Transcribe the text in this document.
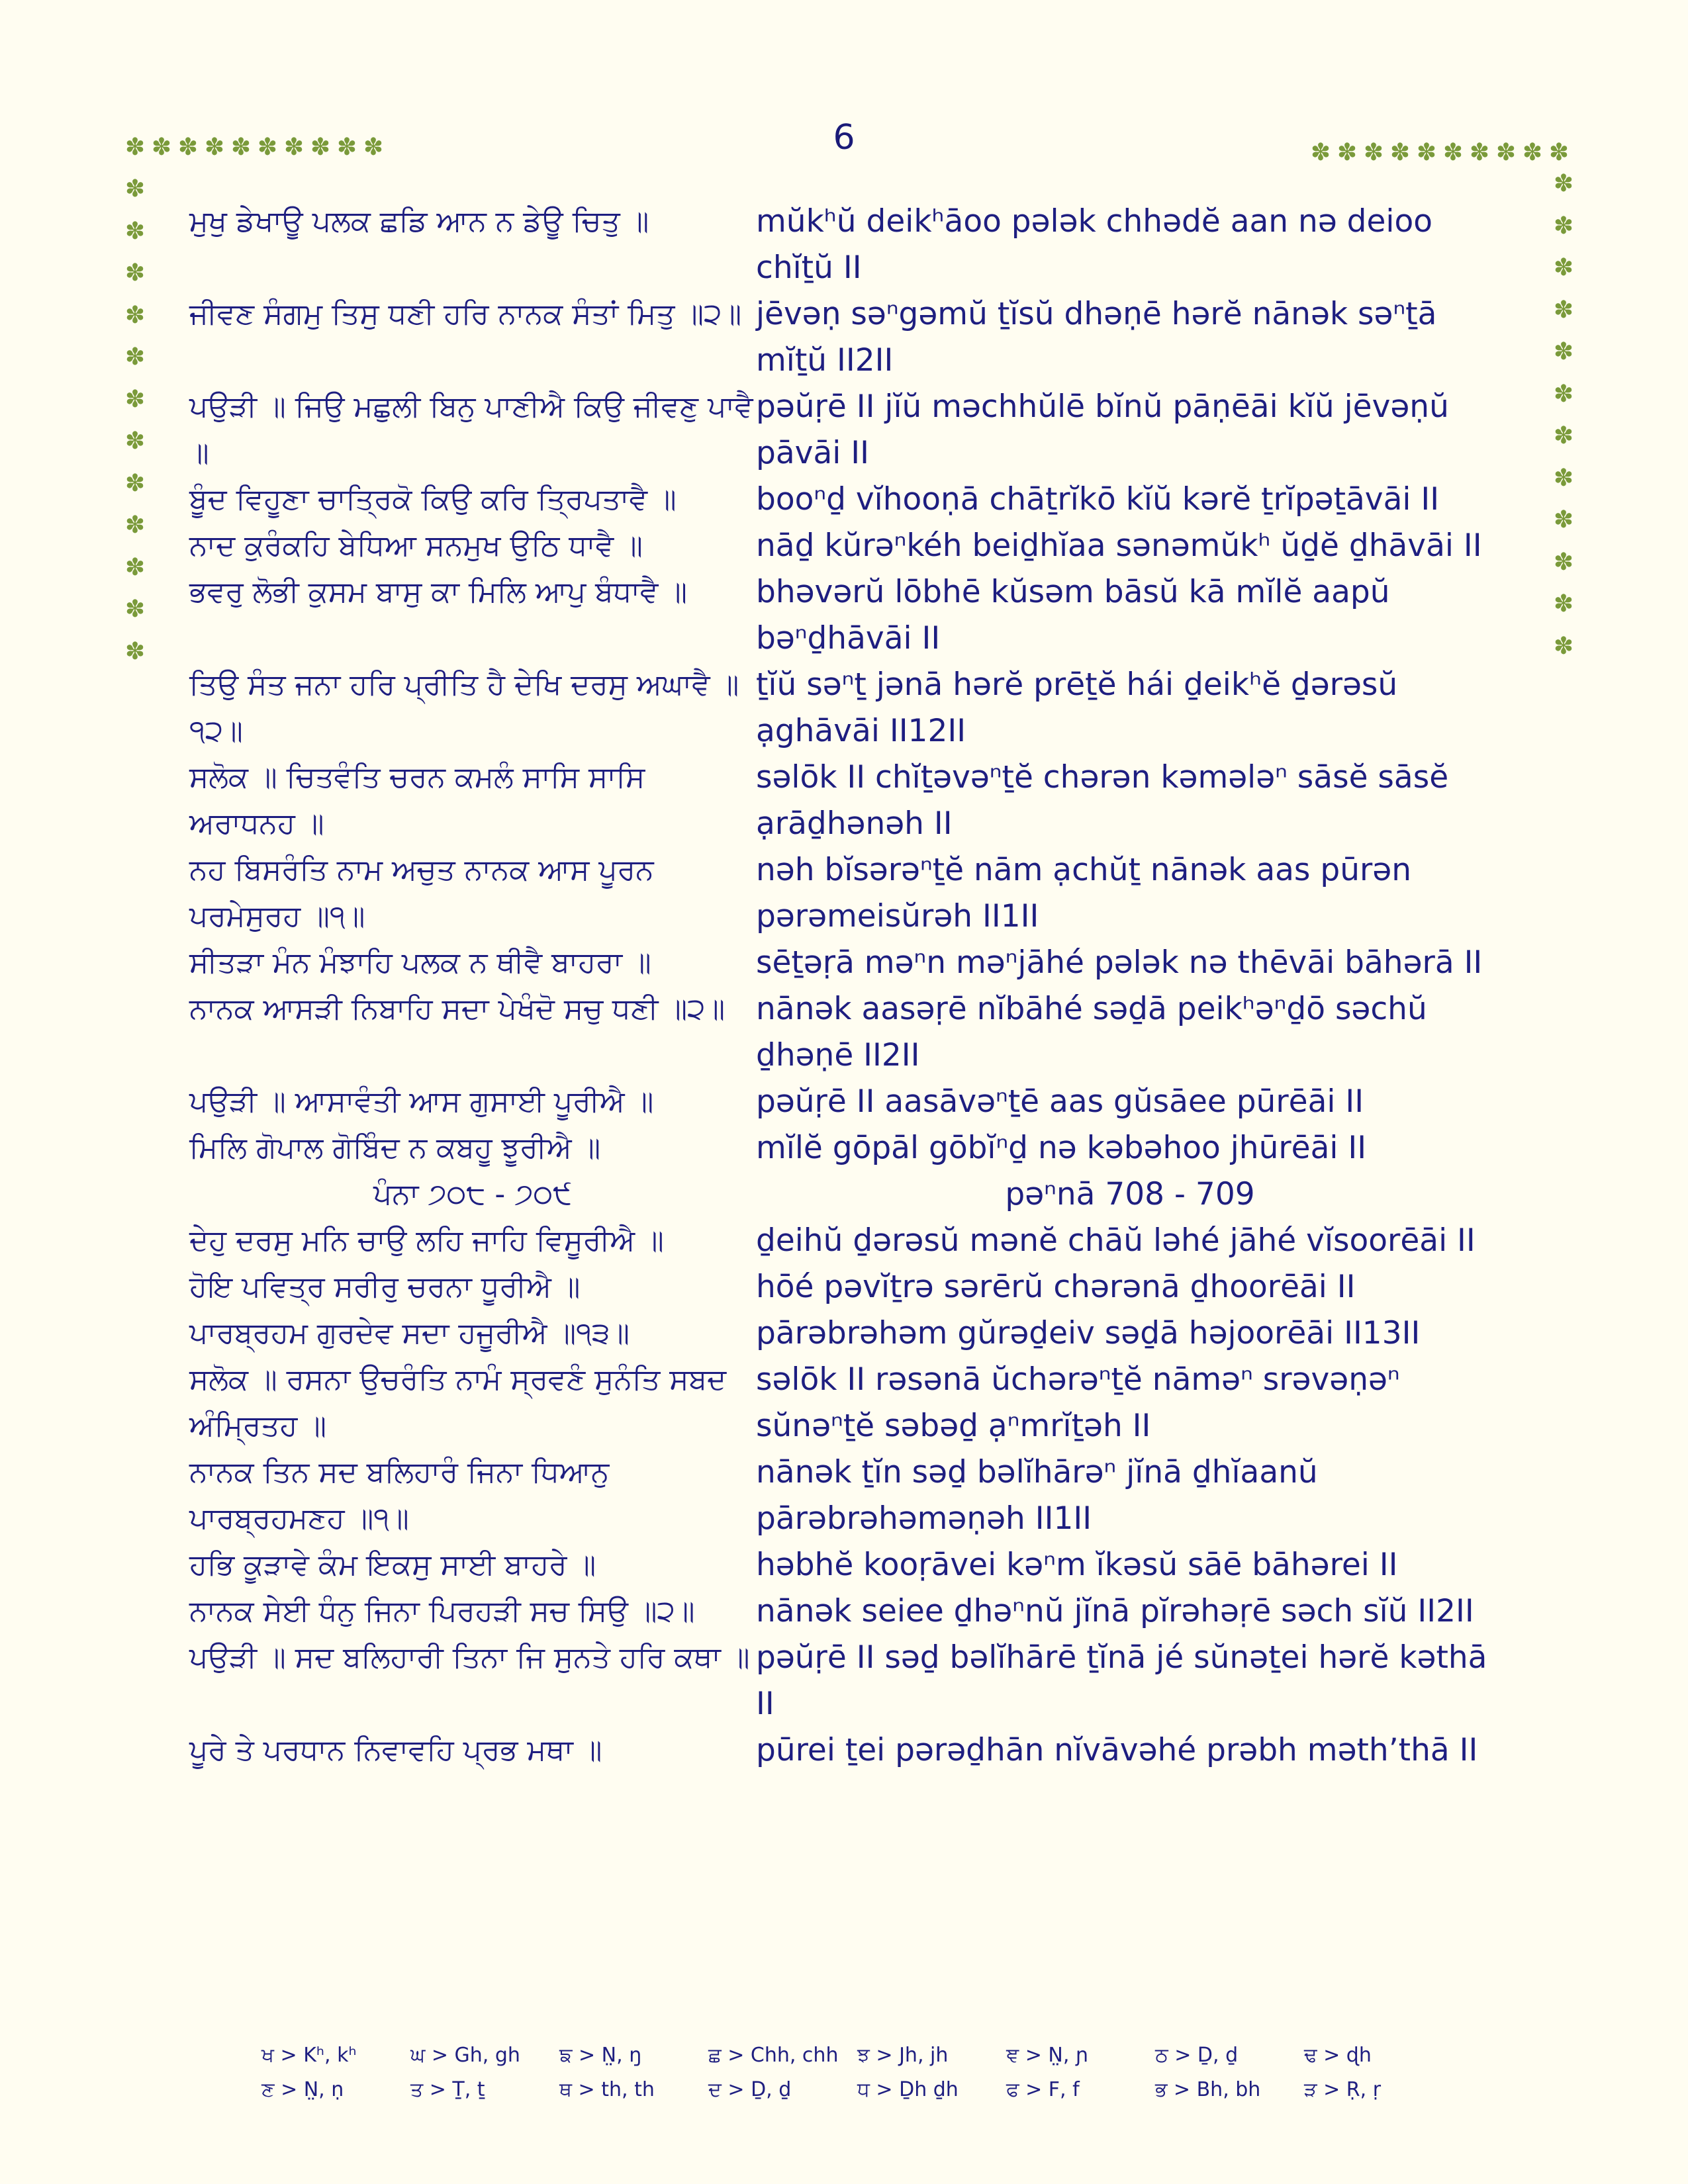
6
✽ ✽ ✽ ✽ ✽ ✽ ✽ ✽ ✽ ✽	✽ ✽ ✽ ✽ ✽ ✽ ✽ ✽ ✽ ✽
✽
✽
✽
✽
✽
✽
✽
✽
✽
✽
✽
✽
✽
✽
✽
✽
✽
✽
✽
✽
✽
✽
✽
✽
ਮੁਖੁ ਡੇਖਾਊ ਪਲਕ ਛਡਿ ਆਨ ਨ ਡੇਊ ਚਿਤੁ ॥	mŭkʰŭ deikʰāoo pələk chhədĕ aan nə deioo chĭṯŭ II
ਜੀਵਣ ਸੰਗਮੁ ਤਿਸੁ ਧਣੀ ਹਰਿ ਨਾਨਕ ਸੰਤਾਂ ਮਿਤੁ ॥੨॥ jēvəṇ səⁿgəmŭ ṯĭsŭ dhəṇē hərĕ nānək səⁿṯā mĭṯŭ II2II
ਪਉੜੀ ॥ ਜਿਉ ਮਛੁਲੀ ਬਿਨੁ ਪਾਣੀਐ ਕਿਉ ਜੀਵਣੁ ਪਾਵੈ ॥
pəŭṛē II jĭŭ məchhŭlē bĭnŭ pāṇēāi kĭŭ jēvəṇŭ pāvāi II
ਬੂੰਦ ਵਿਹੂਣਾ ਚਾਤ੍ਰਿਕੋ ਕਿਉ ਕਰਿ ਤ੍ਰਿਪਤਾਵੈ ॥	booⁿḏ vĭhooṇā chāṯrĭkō kĭŭ kərĕ ṯrĭpəṯāvāi II
ਨਾਦ ਕੁਰੰਕਹਿ ਬੇਧਿਆ ਸਨਮੁਖ ਉਠਿ ਧਾਵੈ ॥	nāḏ kŭrəⁿkéh beiḏhĭaa sənəmŭkʰ ŭḏĕ ḏhāvāi II
ਭਵਰੁ ਲੋਭੀ ਕੁਸਮ ਬਾਸੁ ਕਾ ਮਿਲਿ ਆਪੁ ਬੰਧਾਵੈ ॥	bhəvərŭ lōbhē kŭsəm bāsŭ kā mĭlĕ aapŭ bəⁿḏhāvāi II
ਤਿਉ ਸੰਤ ਜਨਾ ਹਰਿ ਪ੍ਰੀਤਿ ਹੈ ਦੇਖਿ ਦਰਸੁ ਅਘਾਵੈ ॥੧੨॥
ṯĭŭ səⁿṯ jənā hərĕ prēṯĕ hái ḏeikʰĕ ḏərəsŭ ạghāvāi II12II
ਸਲੋਕ ॥ ਚਿਤਵੰਤਿ ਚਰਨ ਕਮਲੰ ਸਾਸਿ ਸਾਸਿ ਅਰਾਧਨਹ ॥
səlōk II chĭṯəvəⁿṯĕ chərən kəmələⁿ sāsĕ sāsĕ ạrāḏhənəh II
ਨਹ ਬਿਸਰੰਤਿ ਨਾਮ ਅਚੁਤ ਨਾਨਕ ਆਸ ਪੂਰਨ ਪਰਮੇਸੁਰਹ ॥੧॥
nəh bĭsərəⁿṯĕ nām ạchŭṯ nānək aas pūrən pərəmeisŭrəh II1II
ਸੀਤੜਾ ਮੰਨ ਮੰਝਾਹਿ ਪਲਕ ਨ ਥੀਵੈ ਬਾਹਰਾ ॥	sēṯəṛā məⁿn məⁿjāhé pələk nə thēvāi bāhərā II
ਨਾਨਕ ਆਸੜੀ ਨਿਬਾਹਿ ਸਦਾ ਪੇਖੰਦੋ ਸਚੁ ਧਣੀ ॥੨॥ nānək aasəṛē nĭbāhé səḏā peikʰəⁿḏō səchŭ ḏhəṇē II2II
ਪਉੜੀ ॥ ਆਸਾਵੰਤੀ ਆਸ ਗੁਸਾਈ ਪੂਰੀਐ ॥	pəŭṛē II aasāvəⁿṯē aas gŭsāee pūrēāi II
ਮਿਲਿ ਗੋਪਾਲ ਗੋਬਿੰਦ ਨ ਕਬਹੂ ਝੂਰੀਐ ॥	mĭlĕ gōpāl gōbĭⁿḏ nə kəbəhoo jhūrēāi II
ਪੰਨਾ ੭੦੮ - ੭੦੯	pəⁿnā 708 - 709
ਦੇਹੁ ਦਰਸੁ ਮਨਿ ਚਾਉ ਲਹਿ ਜਾਹਿ ਵਿਸੂਰੀਐ ॥	ḏeihŭ ḏərəsŭ mənĕ chāŭ ləhé jāhé vĭsoorēāi II
ਹੋਇ ਪਵਿਤ੍ਰ ਸਰੀਰੁ ਚਰਨਾ ਧੂਰੀਐ ॥	hōé pəvĭṯrə sərērŭ chərənā ḏhoorēāi II
ਪਾਰਬ੍ਰਹਮ ਗੁਰਦੇਵ ਸਦਾ ਹਜੂਰੀਐ ॥੧੩॥	pārəbrəhəm gŭrəḏeiv səḏā həjoorēāi II13II
ਸਲੋਕ ॥ ਰਸਨਾ ਉਚਰੰਤਿ ਨਾਮੰ ਸ੍ਰਵਣੰ ਸੁਨੰਤਿ ਸਬਦ ਅੰਮ੍ਰਿਤਹ ॥
səlōk II rəsənā ŭchərəⁿṯĕ nāməⁿ srəvəṇəⁿ sŭnəⁿṯĕ səbəḏ ạⁿmrĭṯəh II
ਨਾਨਕ ਤਿਨ ਸਦ ਬਲਿਹਾਰੰ ਜਿਨਾ ਧਿਆਨੁ ਪਾਰਬ੍ਰਹਮਣਹ ॥੧॥
nānək ṯĭn səḏ bəlĭhārəⁿ jĭnā ḏhĭaanŭ pārəbrəhəməṇəh II1II
ਹਭਿ ਕੂੜਾਵੇ ਕੰਮ ਇਕਸੁ ਸਾਈ ਬਾਹਰੇ ॥	həbhĕ kooṛāvei kəⁿm ĭkəsŭ sāē bāhərei II
ਨਾਨਕ ਸੇਈ ਧੰਨੁ ਜਿਨਾ ਪਿਰਹੜੀ ਸਚ ਸਿਉ ॥੨॥	nānək seiee ḏhəⁿnŭ jĭnā pĭrəhəṛē səch sĭŭ II2II
ਪਉੜੀ ॥ ਸਦ ਬਲਿਹਾਰੀ ਤਿਨਾ ਜਿ ਸੁਨਤੇ ਹਰਿ ਕਥਾ ॥ pəŭṛē II səḏ bəlĭhārē ṯĭnā jé sŭnəṯei hərĕ kəthā II
ਪੂਰੇ ਤੇ ਪਰਧਾਨ ਨਿਵਾਵਹਿ ਪ੍ਰਭ ਮਥਾ ॥	pūrei ṯei pərəḏhān nĭvāvəhé prəbh məth’thā II
ਖ > Kʰ, kʰ	ਘ > Gh, gh	ਙ > N̤, ŋ	ਛ > Chh, chh ਝ > Jh, jh	ਞ > N̤, ɲ	ਠ > Ḏ, ḏ	ਢ > ɖh
ਣ > N̤, ṇ	ਤ > Ṯ, ṯ	ਥ > th, th	ਦ > Ḏ, ḏ	ਧ > Ḏh ḏh	ਫ > F, f	ਭ > Bh, bh	ੜ > Ṛ, ṛ
